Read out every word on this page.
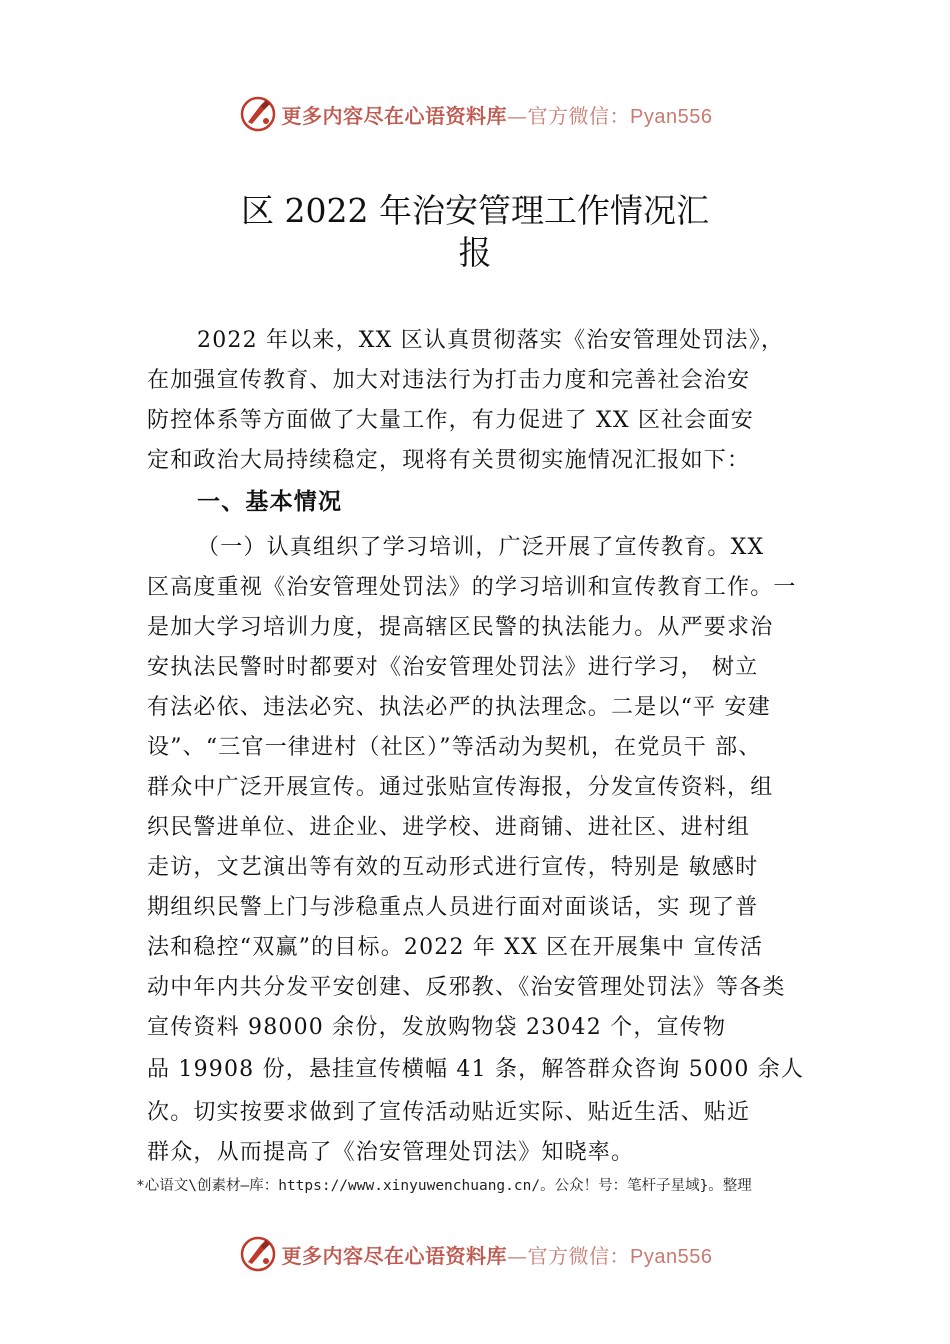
更多内容尽在心语资料库—官方微信：Pyan556
区 2022 年治安管理工作情况汇
报
2022 年以来，XX 区认真贯彻落实《治安管理处罚法》，
在加强宣传教育、加大对违法行为打击力度和完善社会治安
防控体系等方面做了大量工作，有力促进了 XX 区社会面安
定和政治大局持续稳定，现将有关贯彻实施情况汇报如下：
一、基本情况
（一）认真组织了学习培训，广泛开展了宣传教育。XX
区高度重视《治安管理处罚法》的学习培训和宣传教育工作。一
是加大学习培训力度，提高辖区民警的执法能力。从严要求治
安执法民警时时都要对《治安管理处罚法》进行学习， 树立
有法必依、违法必究、执法必严的执法理念。二是以“平 安建
设”、“三官一律进村（社区）”等活动为契机，在党员干 部、
群众中广泛开展宣传。通过张贴宣传海报，分发宣传资料，组
织民警进单位、进企业、进学校、进商铺、进社区、进村组
走访，文艺演出等有效的互动形式进行宣传，特别是 敏感时
期组织民警上门与涉稳重点人员进行面对面谈话，实 现了普
法和稳控“双赢”的目标。2022 年 XX 区在开展集中 宣传活
动中年内共分发平安创建、反邪教、《治安管理处罚法》等各类
宣传资料 98000 余份，发放购物袋 23042 个，宣传物
品 19908 份，悬挂宣传横幅 41 条，解答群众咨询 5000 余人
次。切实按要求做到了宣传活动贴近实际、贴近生活、贴近
群众，从而提高了《治安管理处罚法》知晓率。
*心语文\创素材—库：https://www.xinyuwenchuang.cn/。公众！号：笔杆子星域}。整理
更多内容尽在心语资料库—官方微信：Pyan556
